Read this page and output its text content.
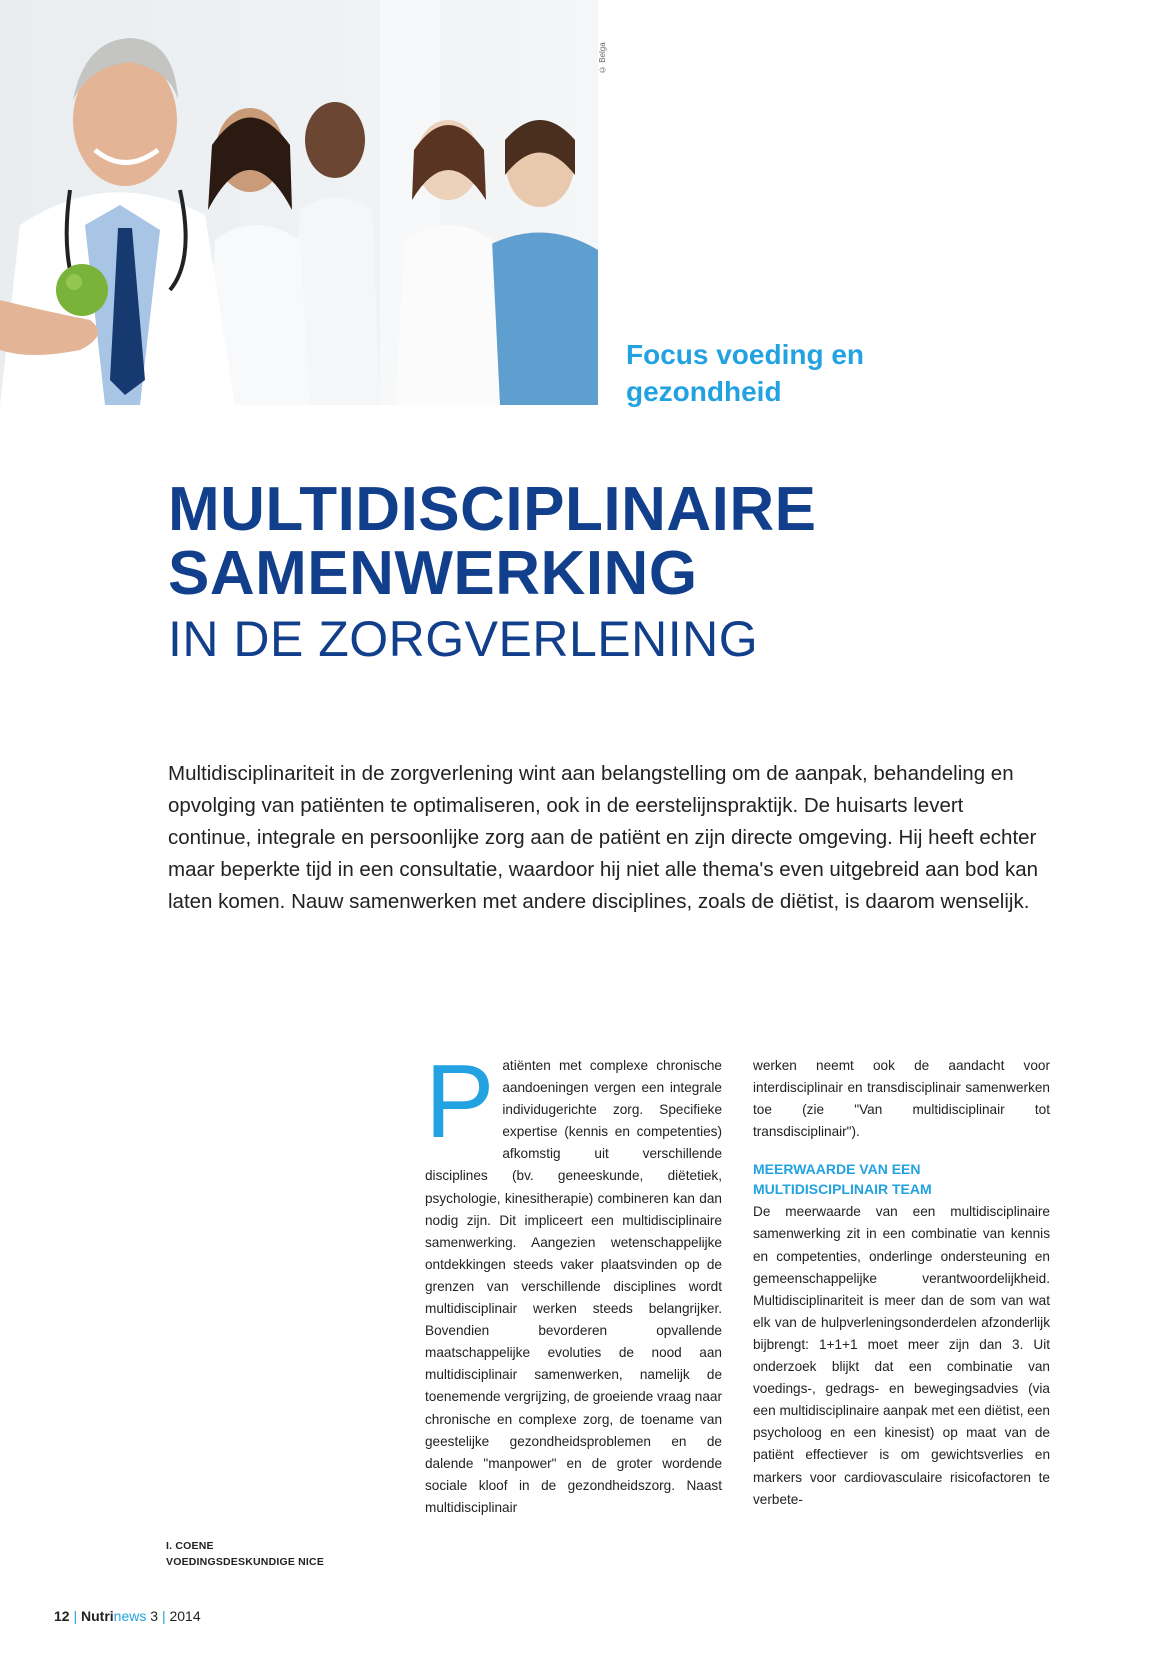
© Belga
Focus voeding en gezondheid
MULTIDISCIPLINAIRE
SAMENWERKING
IN DE ZORGVERLENING

Multidisciplinariteit in de zorgverlening wint aan belangstelling om de aanpak, behandeling en opvolging van patiënten te optimaliseren, ook in de eerstelijnspraktijk. De huisarts levert continue, integrale en persoonlijke zorg aan de patiënt en zijn directe omgeving. Hij heeft echter maar beperkte tijd in een consultatie, waardoor hij niet alle thema's even uitgebreid aan bod kan laten komen. Nauw samenwerken met andere disciplines, zoals de diëtist, is daarom wenselijk.

I. COENE
VOEDINGSDESKUNDIGE NICE
P atiënten met complexe chronische aandoeningen vergen een integrale individugerichte zorg. Specifieke expertise (kennis en competenties) afkomstig uit verschillende disciplines (bv. geneeskunde, diëtetiek, psychologie, kinesitherapie) combineren kan dan nodig zijn. Dit impliceert een multidisciplinaire samenwerking. Aangezien wetenschappelijke ontdekkingen steeds vaker plaatsvinden op de grenzen van verschillende disciplines wordt multidisciplinair werken steeds belangrijker. Bovendien bevorderen opvallende maatschappelijke evoluties de nood aan multidisciplinair samenwerken, namelijk de toenemende vergrijzing, de groeiende vraag naar chronische en complexe zorg, de toename van geestelijke gezondheidsproblemen en de dalende "manpower" en de groter wordende sociale kloof in de gezondheidszorg. Naast multidisciplinair

werken neemt ook de aandacht voor interdisciplinair en transdisciplinair samenwerken toe (zie "Van multidisciplinair tot transdisciplinair").

MEERWAARDE VAN EEN
MULTIDISCIPLINAIR TEAM

De meerwaarde van een multidisciplinaire samenwerking zit in een combinatie van kennis en competenties, onderlinge ondersteuning en gemeenschappelijke verantwoordelijkheid. Multidisciplinariteit is meer dan de som van wat elk van de hulpverleningsonderdelen afzonderlijk bijbrengt: 1+1+1 moet meer zijn dan 3. Uit onderzoek blijkt dat een combinatie van voedings-, gedrags- en bewegingsadvies (via een multidisciplinaire aanpak met een diëtist, een psycholoog en een kinesist) op maat van de patiënt effectiever is om gewichtsverlies en markers voor cardiovasculaire risicofactoren te verbete-

12 | Nutrinews 3 | 2014
